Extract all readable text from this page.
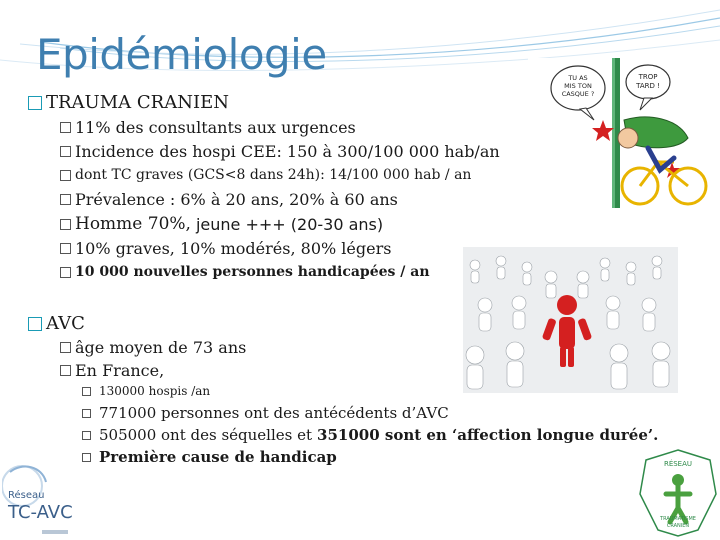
Epidémiologie
TRAUMA CRANIEN
11% des consultants aux urgences
Incidence des hospi CEE: 150 à 300/100 000 hab/an
dont TC graves (GCS<8 dans 24h): 14/100 000 hab / an
Prévalence : 6% à 20 ans, 20% à 60 ans
Homme 70%, jeune +++ (20-30 ans)
10% graves, 10% modérés, 80% légers
10 000 nouvelles personnes handicapées / an
AVC
âge moyen de 73 ans
En France,
130000 hospis /an
771000 personnes ont des antécédents d’AVC
505000 ont des séquelles et 351000 sont en ‘affection longue durée’.
Première cause de handicap
TU AS
MIS TON
CASQUE ?
TROP
TARD !
Réseau
TC-AVC
RÉSEAU
TRAUMATISME
CRANIEN
